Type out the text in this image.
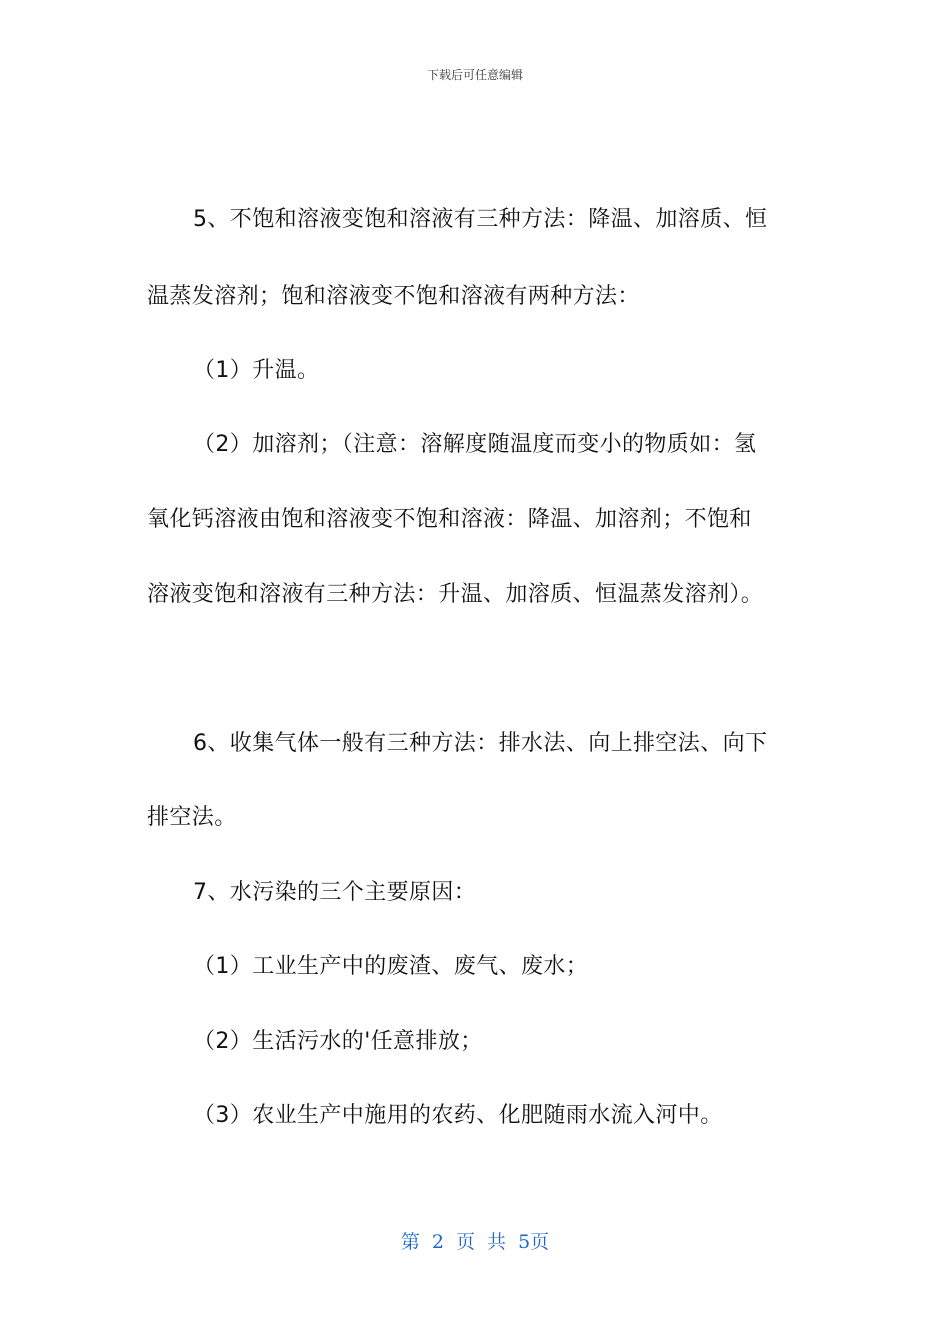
下载后可任意编辑
5、不饱和溶液变饱和溶液有三种方法：降温、加溶质、恒
温蒸发溶剂；饱和溶液变不饱和溶液有两种方法：
（1）升温。
（2）加溶剂；（注意：溶解度随温度而变小的物质如：氢
氧化钙溶液由饱和溶液变不饱和溶液：降温、加溶剂；不饱和
溶液变饱和溶液有三种方法：升温、加溶质、恒温蒸发溶剂）。
6、收集气体一般有三种方法：排水法、向上排空法、向下
排空法。
7、水污染的三个主要原因：
（1）工业生产中的废渣、废气、废水；
（2）生活污水的'任意排放；
（3）农业生产中施用的农药、化肥随雨水流入河中。
第 2 页 共 5页
